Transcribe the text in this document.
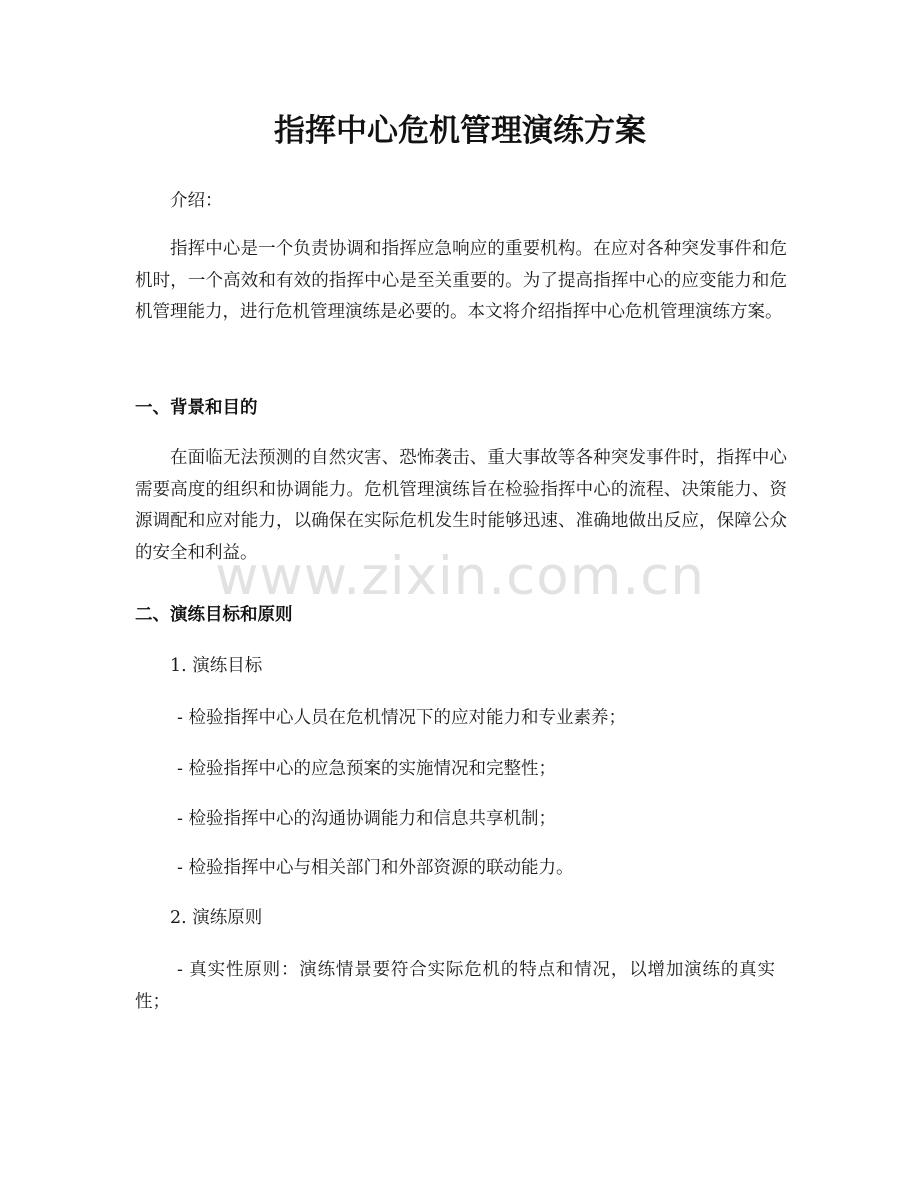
指挥中心危机管理演练方案

介绍：

指挥中心是一个负责协调和指挥应急响应的重要机构。在应对各种突发事件和危机时，一个高效和有效的指挥中心是至关重要的。为了提高指挥中心的应变能力和危机管理能力，进行危机管理演练是必要的。本文将介绍指挥中心危机管理演练方案。

一、背景和目的

在面临无法预测的自然灾害、恐怖袭击、重大事故等各种突发事件时，指挥中心需要高度的组织和协调能力。危机管理演练旨在检验指挥中心的流程、决策能力、资源调配和应对能力，以确保在实际危机发生时能够迅速、准确地做出反应，保障公众的安全和利益。

二、演练目标和原则

1. 演练目标

- 检验指挥中心人员在危机情况下的应对能力和专业素养；

- 检验指挥中心的应急预案的实施情况和完整性；

- 检验指挥中心的沟通协调能力和信息共享机制；

- 检验指挥中心与相关部门和外部资源的联动能力。

2. 演练原则

- 真实性原则：演练情景要符合实际危机的特点和情况，以增加演练的真实性；

www.zixin.com.cn
